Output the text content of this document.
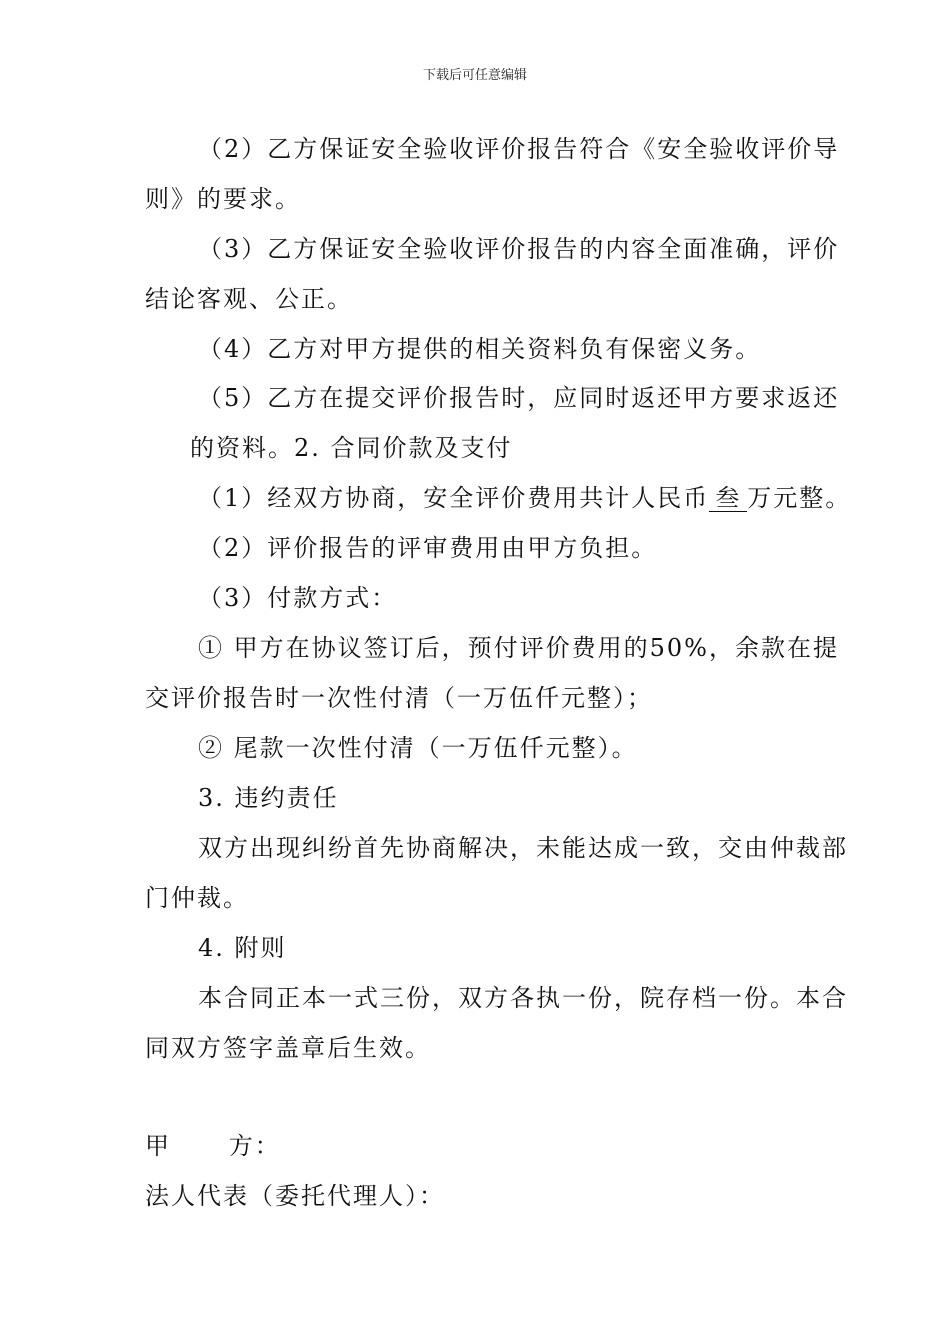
下载后可任意编辑
（2）乙方保证安全验收评价报告符合《安全验收评价导
则》的要求。
（3）乙方保证安全验收评价报告的内容全面准确，评价
结论客观、公正。
（4）乙方对甲方提供的相关资料负有保密义务。
（5）乙方在提交评价报告时，应同时返还甲方要求返还
的资料。2. 合同价款及支付
（1）经双方协商，安全评价费用共计人民币 叁 万元整。
（2）评价报告的评审费用由甲方负担。
（3）付款方式：
① 甲方在协议签订后，预付评价费用的50%，余款在提
交评价报告时一次性付清（一万伍仟元整）；
② 尾款一次性付清（一万伍仟元整）。
3. 违约责任
双方出现纠纷首先协商解决，未能达成一致，交由仲裁部
门仲裁。
4. 附则
本合同正本一式三份，双方各执一份，院存档一份。本合
同双方签字盖章后生效。
甲      方：
法人代表（委托代理人）：
